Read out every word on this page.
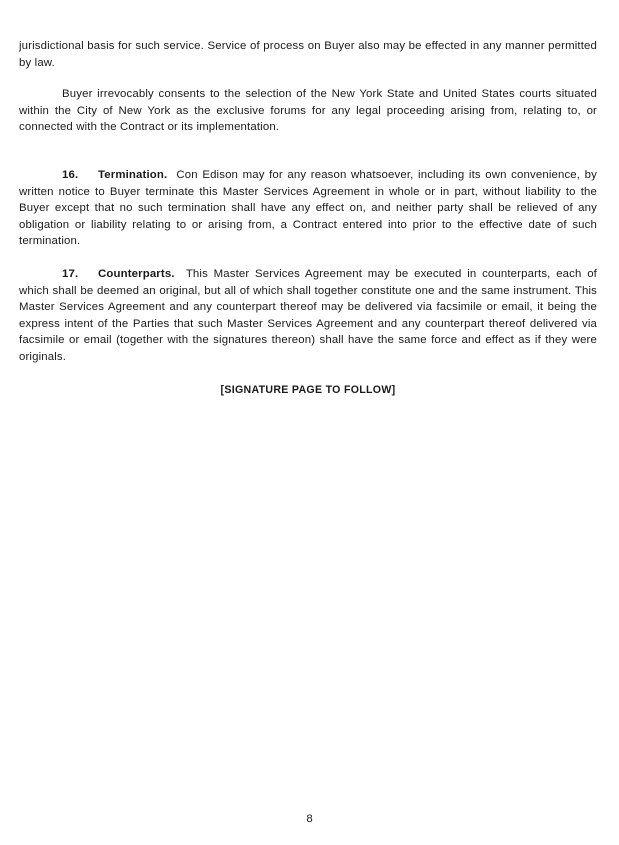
jurisdictional basis for such service. Service of process on Buyer also may be effected in any manner permitted by law.

Buyer irrevocably consents to the selection of the New York State and United States courts situated within the City of New York as the exclusive forums for any legal proceeding arising from, relating to, or connected with the Contract or its implementation.

16. Termination. Con Edison may for any reason whatsoever, including its own convenience, by written notice to Buyer terminate this Master Services Agreement in whole or in part, without liability to the Buyer except that no such termination shall have any effect on, and neither party shall be relieved of any obligation or liability relating to or arising from, a Contract entered into prior to the effective date of such termination.

17. Counterparts. This Master Services Agreement may be executed in counterparts, each of which shall be deemed an original, but all of which shall together constitute one and the same instrument. This Master Services Agreement and any counterpart thereof may be delivered via facsimile or email, it being the express intent of the Parties that such Master Services Agreement and any counterpart thereof delivered via facsimile or email (together with the signatures thereon) shall have the same force and effect as if they were originals.

[SIGNATURE PAGE TO FOLLOW]

8
